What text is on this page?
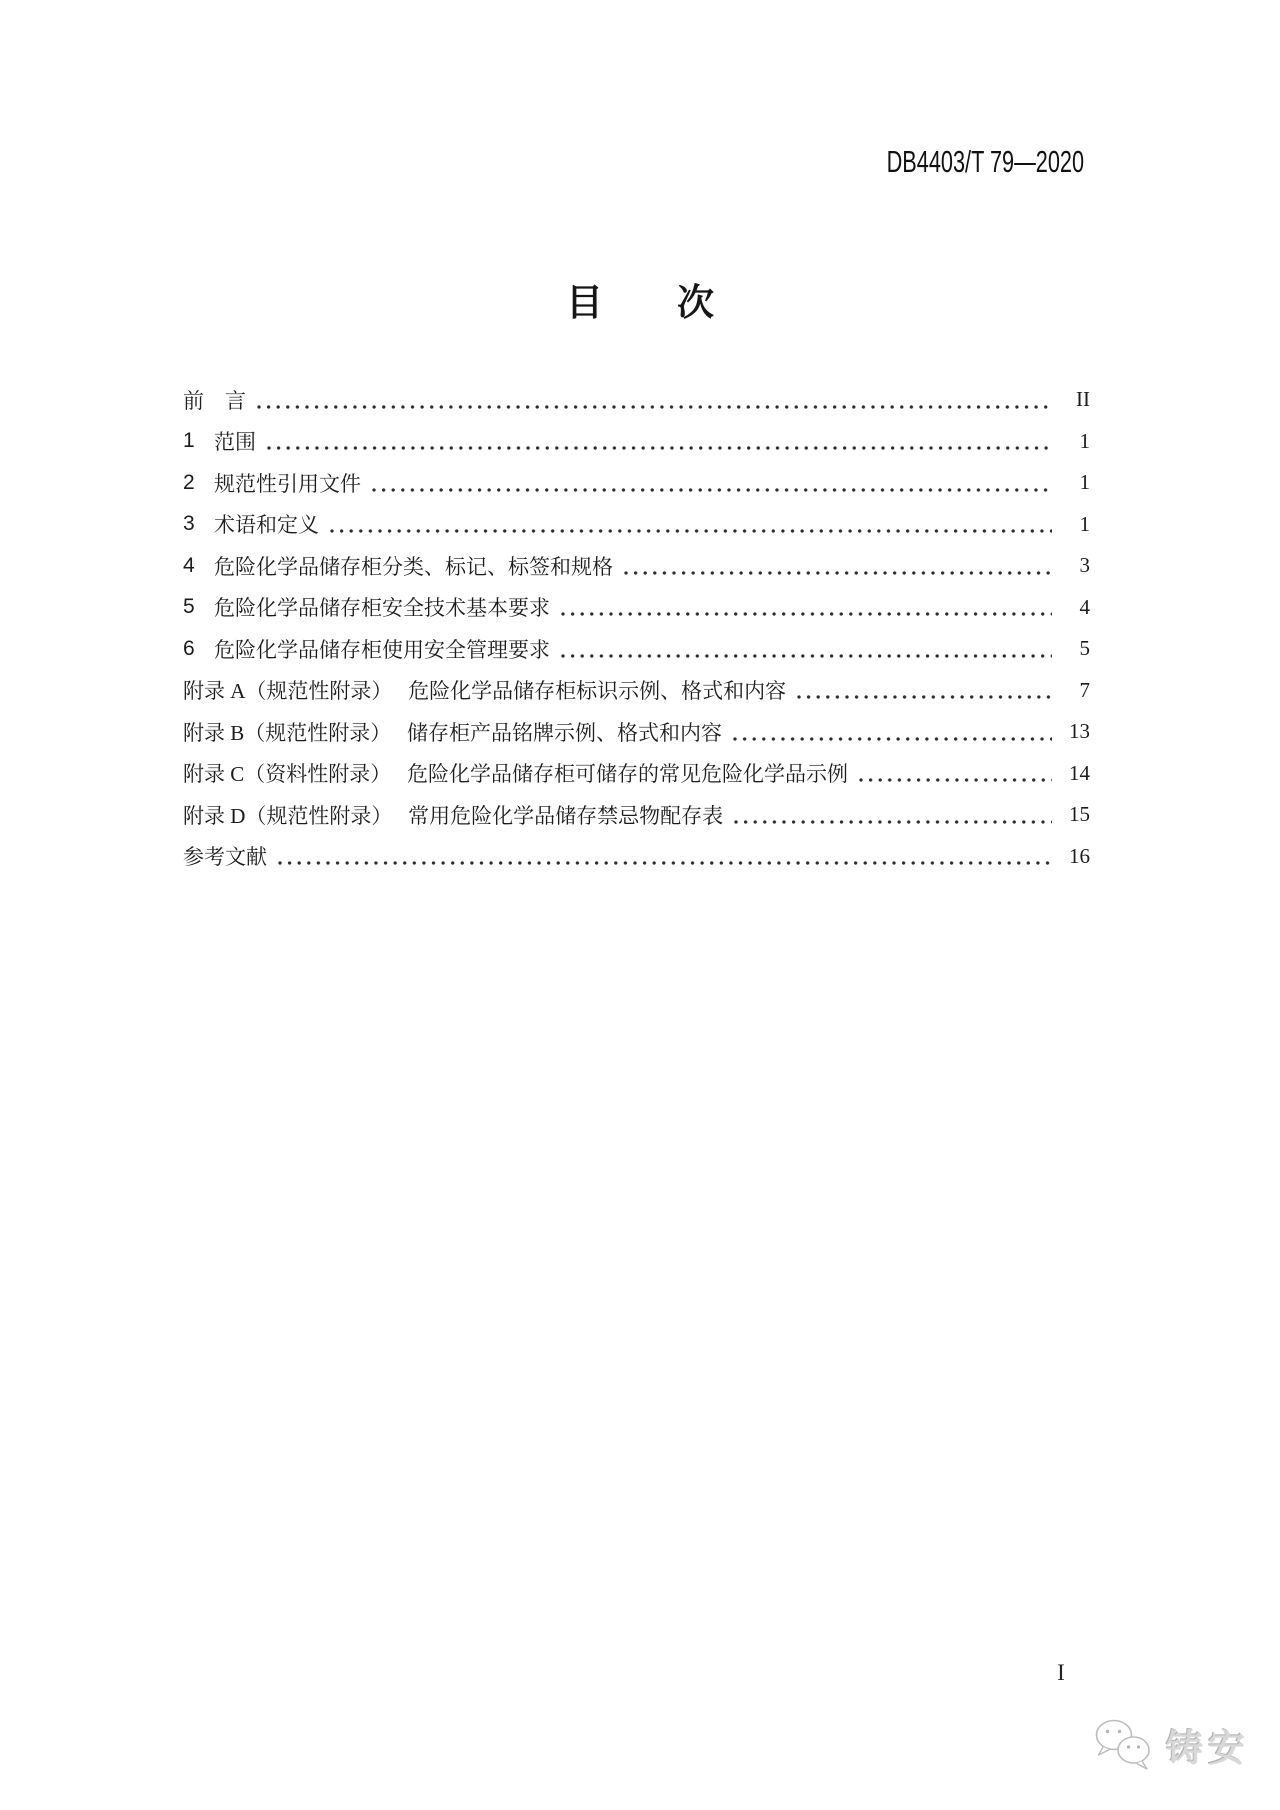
DB4403/T 79—2020
目　　次
前　言	II
1 范围	1
2 规范性引用文件	1
3 术语和定义	1
4 危险化学品储存柜分类、标记、标签和规格	3
5 危险化学品储存柜安全技术基本要求	4
6 危险化学品储存柜使用安全管理要求	5
附录 A（规范性附录）　 危险化学品储存柜标识示例、格式和内容	7
附录 B（规范性附录）　 储存柜产品铭牌示例、格式和内容	13
附录 C（资料性附录）　 危险化学品储存柜可储存的常见危险化学品示例	14
附录 D（规范性附录）　 常用危险化学品储存禁忌物配存表	15
参考文献	16
I
铸安
